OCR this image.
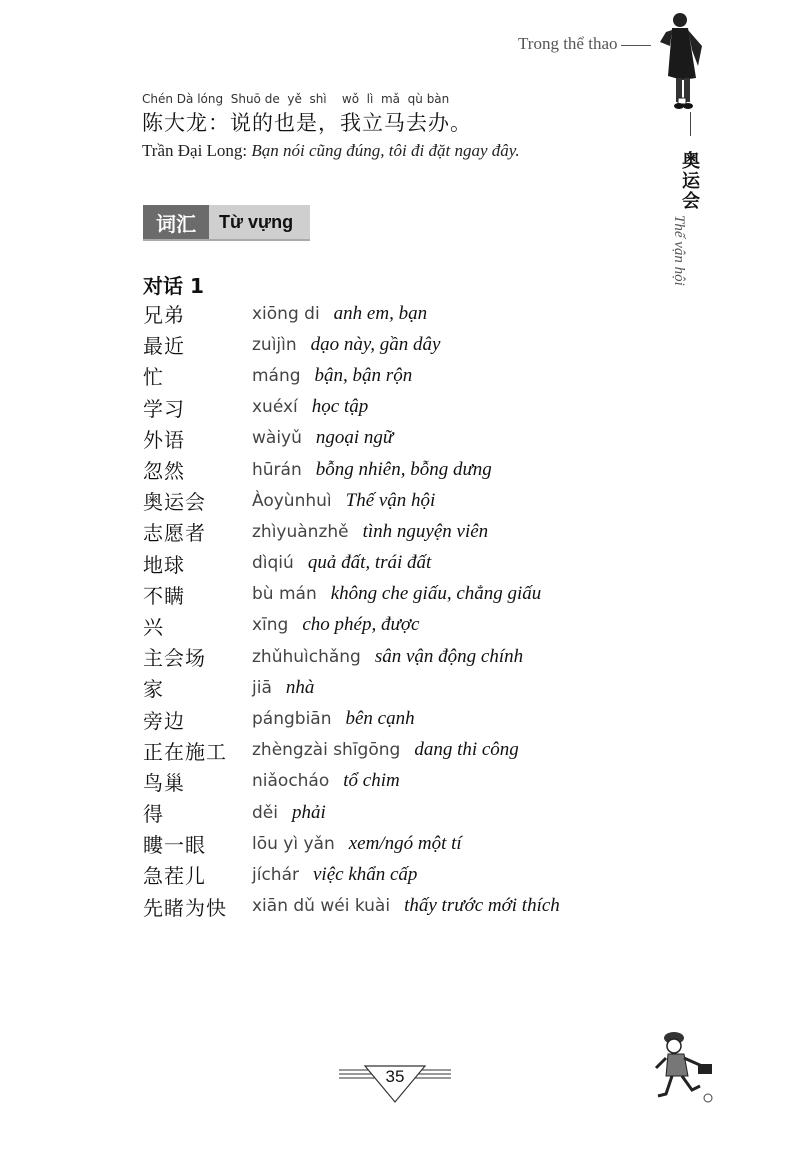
Trong thể thao
奥
运
会
Thế vận hội
Chén Dà lóng  Shuō de  yě  shì    wǒ  lì  mǎ  qù bàn
陈大龙：说的也是，我立马去办。
Trần Đại Long: Bạn nói cũng đúng, tôi đi đặt ngay đây.
词汇	Từ vựng
对话 1
兄弟	xiōng di anh em, bạn
最近	zuìjìn dạo này, gần dây
忙	máng bận, bận rộn
学习	xuéxí học tập
外语	wàiyǔ ngoại ngữ
忽然	hūrán bỗng nhiên, bỗng dưng
奥运会	Àoyùnhuì Thế vận hội
志愿者	zhìyuànzhě tình nguyện viên
地球	dìqiú quả đất, trái đất
不瞒	bù mán không che giấu, chẳng giấu
兴	xīng cho phép, được
主会场	zhǔhuìchǎng sân vận động chính
家	jiā nhà
旁边	pángbiān bên cạnh
正在施工	zhèngzài shīgōng dang thi công
鸟巢	niǎocháo tổ chim
得	děi phải
瞜一眼	lōu yì yǎn xem/ngó một tí
急茬儿	jíchár việc khẩn cấp
先睹为快	xiān dǔ wéi kuài thấy trước mới thích
35
